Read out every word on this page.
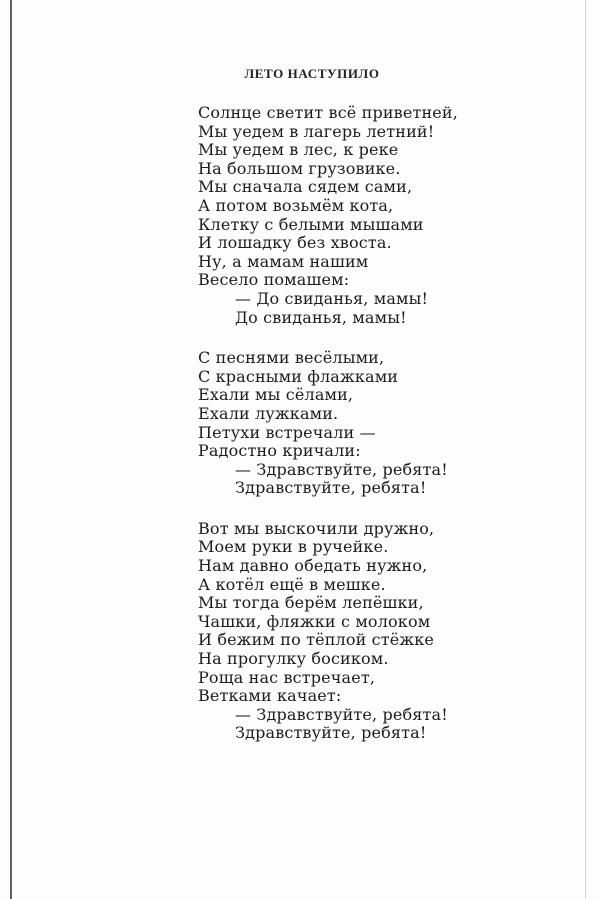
ЛЕТО НАСТУПИЛО
Солнце светит всё приветней,
Мы уедем в лагерь летний!
Мы уедем в лес, к реке
На большом грузовике.
Мы сначала сядем сами,
А потом возьмём кота,
Клетку с белыми мышами
И лошадку без хвоста.
Ну, а мамам нашим
Весело помашем:
— До свиданья, мамы!
До свиданья, мамы!
С песнями весёлыми,
С красными флажками
Ехали мы сёлами,
Ехали лужками.
Петухи встречали —
Радостно кричали:
— Здравствуйте, ребята!
Здравствуйте, ребята!
Вот мы выскочили дружно,
Моем руки в ручейке.
Нам давно обедать нужно,
А котёл ещё в мешке.
Мы тогда берём лепёшки,
Чашки, фляжки с молоком
И бежим по тёплой стёжке
На прогулку босиком.
Роща нас встречает,
Ветками качает:
— Здравствуйте, ребята!
Здравствуйте, ребята!
